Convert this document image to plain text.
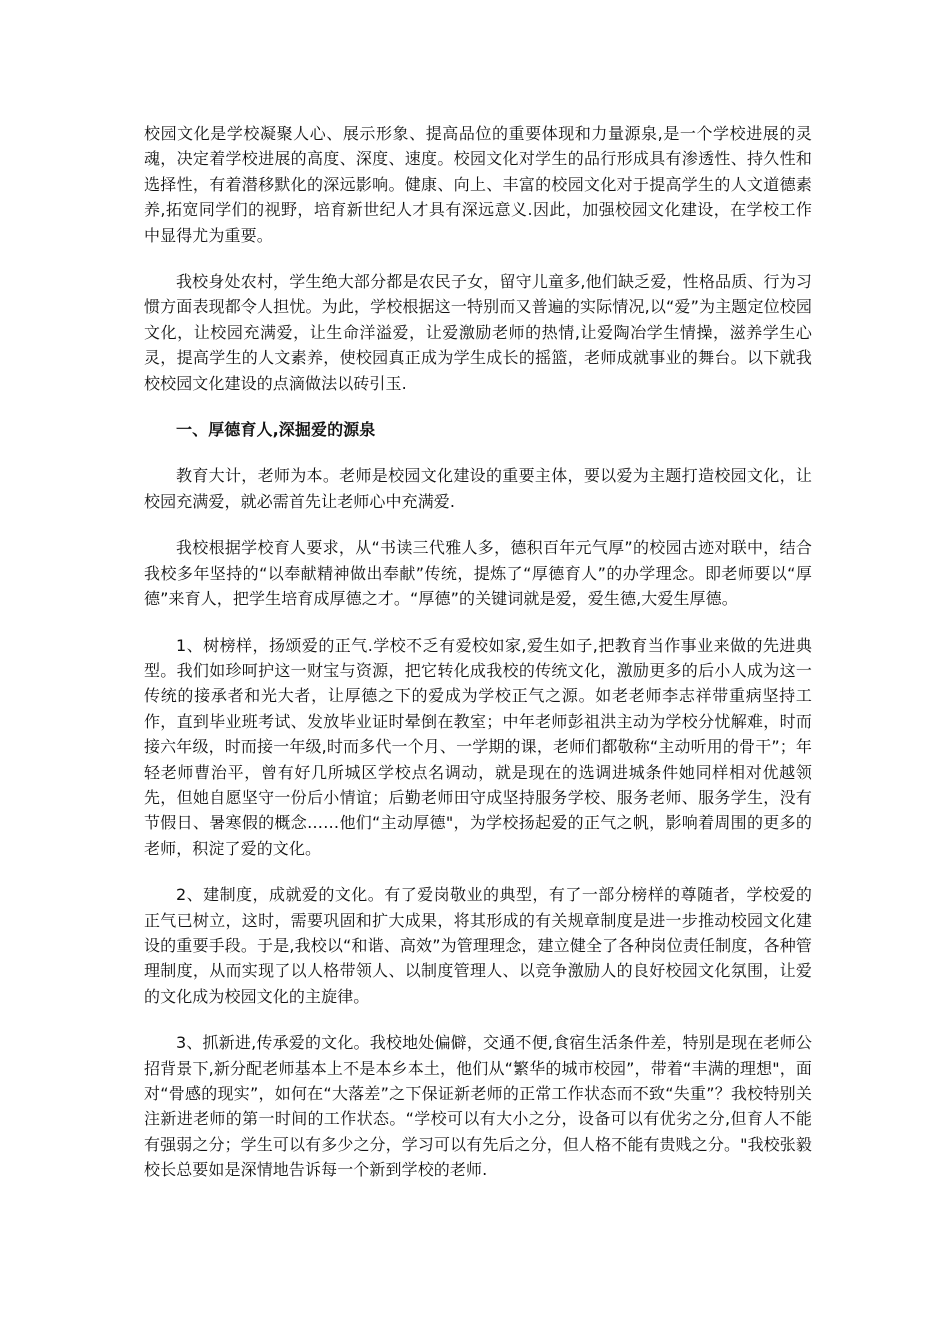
校园文化是学校凝聚人心、展示形象、提高品位的重要体现和力量源泉,是一个学校进展的灵魂，决定着学校进展的高度、深度、速度。校园文化对学生的品行形成具有渗透性、持久性和选择性，有着潜移默化的深远影响。健康、向上、丰富的校园文化对于提高学生的人文道德素养,拓宽同学们的视野，培育新世纪人才具有深远意义.因此，加强校园文化建设，在学校工作中显得尤为重要。

我校身处农村，学生绝大部分都是农民子女，留守儿童多,他们缺乏爱，性格品质、行为习惯方面表现都令人担忧。为此，学校根据这一特别而又普遍的实际情况,以“爱”为主题定位校园文化，让校园充满爱，让生命洋溢爱，让爱激励老师的热情,让爱陶冶学生情操，滋养学生心灵，提高学生的人文素养，使校园真正成为学生成长的摇篮，老师成就事业的舞台。以下就我校校园文化建设的点滴做法以砖引玉.

一、厚德育人,深掘爱的源泉

教育大计，老师为本。老师是校园文化建设的重要主体，要以爱为主题打造校园文化，让校园充满爱，就必需首先让老师心中充满爱.

我校根据学校育人要求，从“书读三代雅人多，德积百年元气厚”的校园古迹对联中，结合我校多年坚持的“以奉献精神做出奉献”传统，提炼了“厚德育人”的办学理念。即老师要以“厚德”来育人，把学生培育成厚德之才。“厚德”的关键词就是爱，爱生德,大爱生厚德。

1、树榜样，扬颂爱的正气.学校不乏有爱校如家,爱生如子,把教育当作事业来做的先进典型。我们如珍呵护这一财宝与资源，把它转化成我校的传统文化，激励更多的后小人成为这一传统的接承者和光大者，让厚德之下的爱成为学校正气之源。如老老师李志祥带重病坚持工作，直到毕业班考试、发放毕业证时晕倒在教室；中年老师彭祖洪主动为学校分忧解难，时而接六年级，时而接一年级,时而多代一个月、一学期的课，老师们都敬称“主动听用的骨干”；年轻老师曹治平，曾有好几所城区学校点名调动，就是现在的选调进城条件她同样相对优越领先，但她自愿坚守一份后小情谊；后勤老师田守成坚持服务学校、服务老师、服务学生，没有节假日、暑寒假的概念……他们“主动厚德"，为学校扬起爱的正气之帆，影响着周围的更多的老师，积淀了爱的文化。

2、建制度，成就爱的文化。有了爱岗敬业的典型，有了一部分榜样的尊随者，学校爱的正气已树立，这时，需要巩固和扩大成果，将其形成的有关规章制度是进一步推动校园文化建设的重要手段。于是,我校以“和谐、高效”为管理理念，建立健全了各种岗位责任制度，各种管理制度，从而实现了以人格带领人、以制度管理人、以竞争激励人的良好校园文化氛围，让爱的文化成为校园文化的主旋律。

3、抓新进,传承爱的文化。我校地处偏僻，交通不便,食宿生活条件差，特别是现在老师公招背景下,新分配老师基本上不是本乡本土，他们从“繁华的城市校园”，带着“丰满的理想"，面对“骨感的现实”，如何在“大落差”之下保证新老师的正常工作状态而不致“失重”？我校特别关注新进老师的第一时间的工作状态。“学校可以有大小之分，设备可以有优劣之分,但育人不能有强弱之分；学生可以有多少之分，学习可以有先后之分，但人格不能有贵贱之分。"我校张毅校长总要如是深情地告诉每一个新到学校的老师.
